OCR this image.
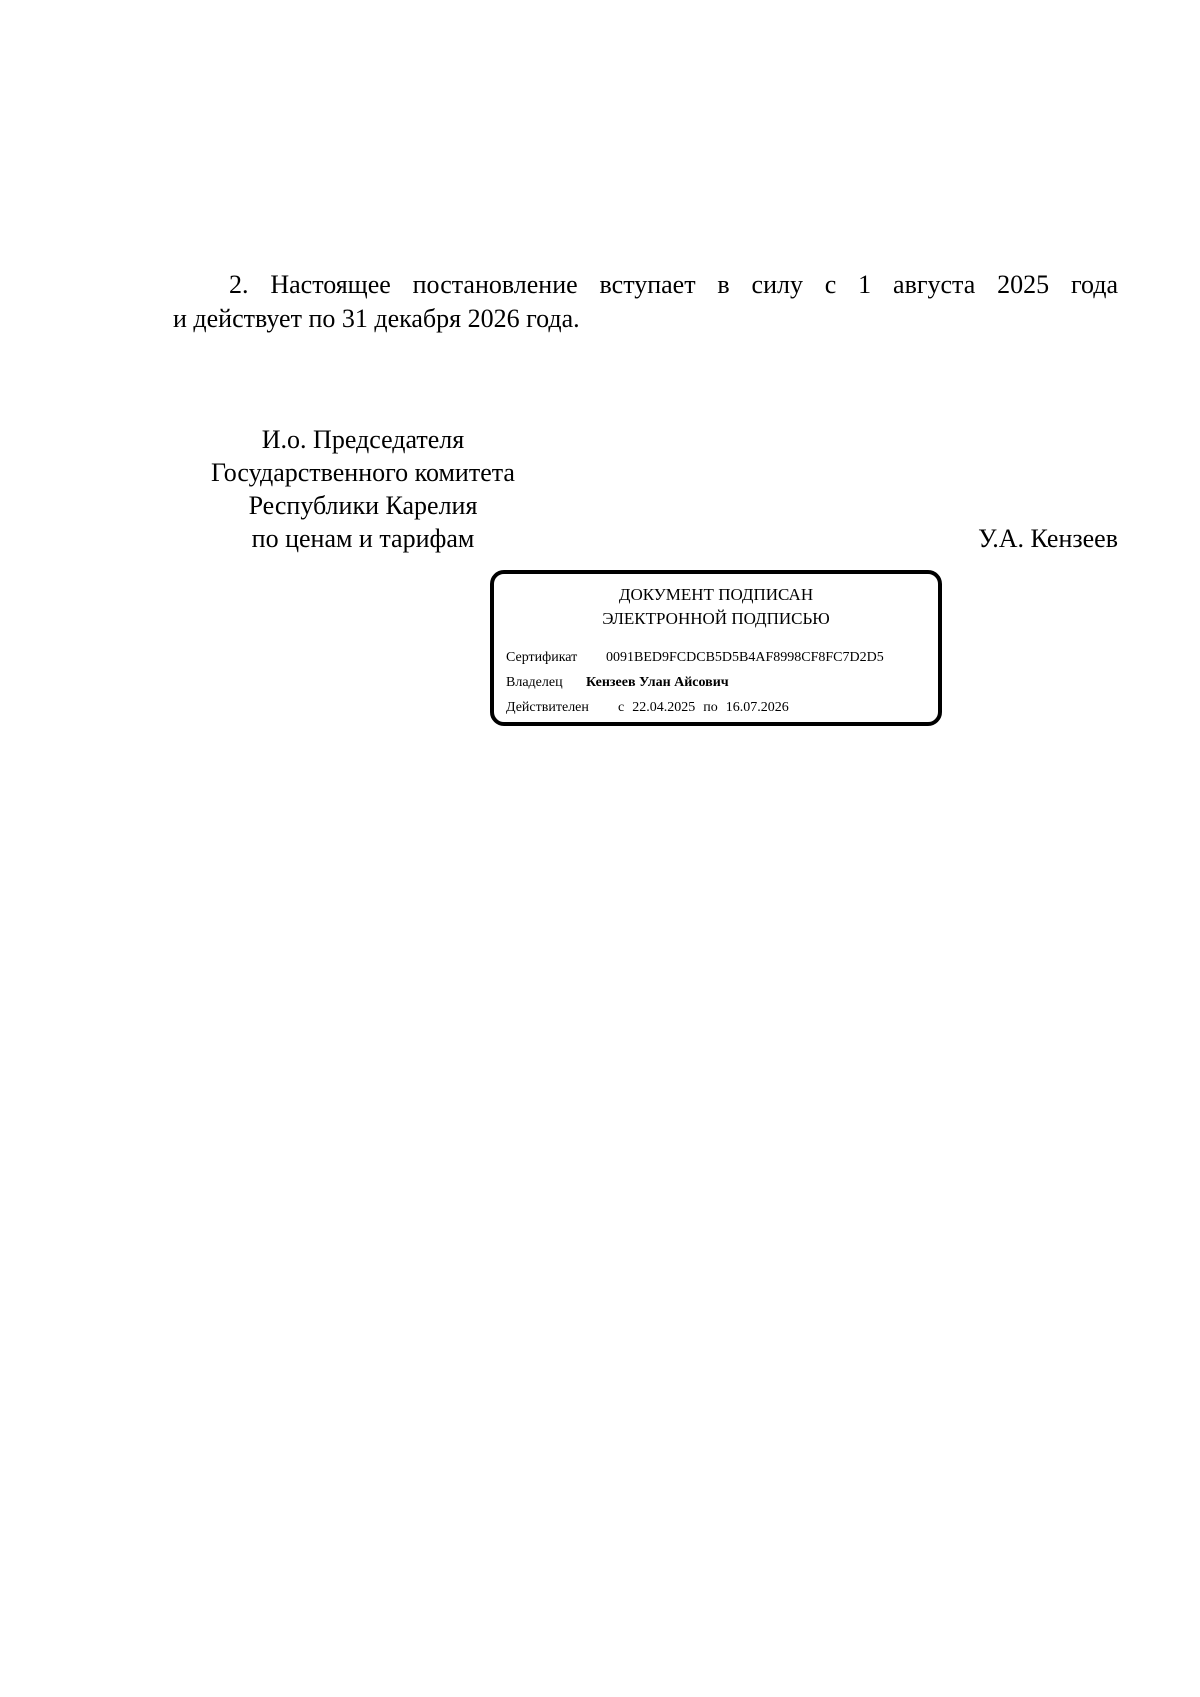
2. Настоящее постановление вступает в силу с 1 августа 2025 года
и действует по 31 декабря 2026 года.
И.о. Председателя
Государственного комитета
Республики Карелия
по ценам и тарифам	У.А. Кензеев
ДОКУМЕНТ ПОДПИСАН
ЭЛЕКТРОННОЙ ПОДПИСЬЮ
Сертификат 0091BED9FCDCB5D5B4AF8998CF8FC7D2D5
Владелец Кензеев Улан Айсович
Действителен с 22.04.2025 по 16.07.2026
